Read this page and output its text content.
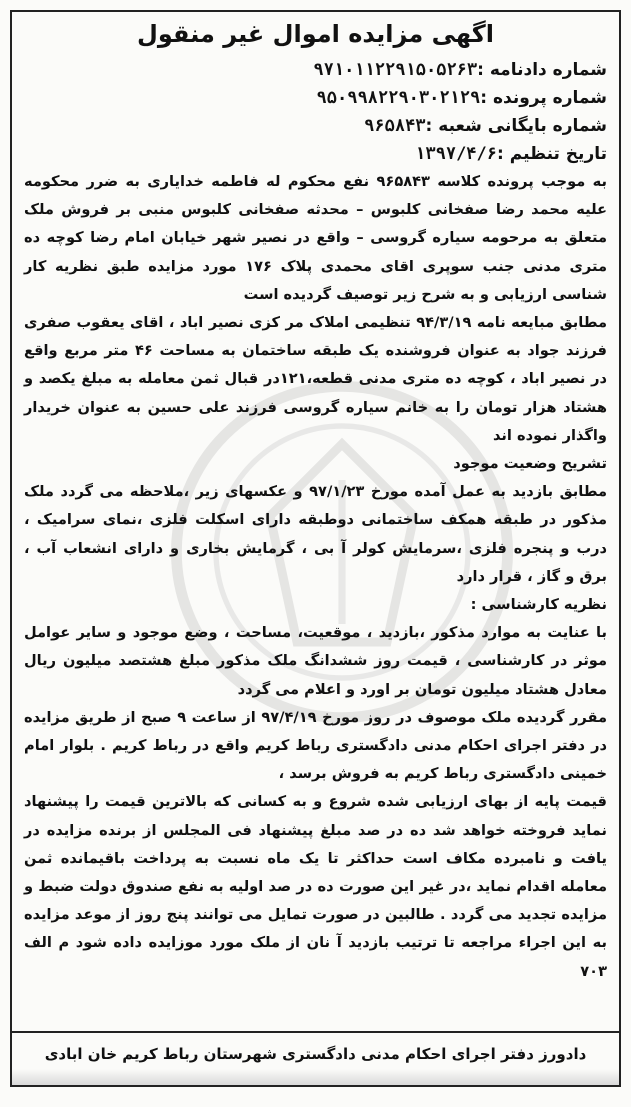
اگهی مزایده اموال غیر منقول
شماره دادنامه :۹۷۱۰۱۱۲۲۹۱۵۰۵۲۶۳
شماره پرونده :۹۵۰۹۹۸۲۲۹۰۳۰۲۱۲۹
شماره بایگانی شعبه :۹۶۵۸۴۳
تاریخ تنظیم :۱۳۹۷/۴/۶

به موجب پرونده کلاسه ۹۶۵۸۴۳ نفع محکوم له فاطمه خدایاری به ضرر محکومه علیه محمد رضا صفخانی کلبوس – محدثه صفخانی کلبوس منبی بر فروش ملک متعلق به مرحومه سیاره گروسی – واقع در نصیر شهر خیابان امام رضا کوچه ده متری مدنی جنب سوپری اقای محمدی پلاک ۱۷۶ مورد مزایده طبق نظریه کار شناسی ارزیابی و به شرح زیر توصیف گردیده است

مطابق مبایعه نامه ۹۴/۳/۱۹ تنظیمی املاک مر کزی نصیر اباد ، اقای یعقوب صفری فرزند جواد به عنوان فروشنده یک طبقه ساختمان به مساحت ۴۶ متر مربع واقع در نصیر اباد ، کوچه ده متری مدنی قطعه،۱۲۱در قبال ثمن معامله به مبلغ یکصد و هشتاد هزار تومان را به خانم سیاره گروسی فرزند علی حسین به عنوان خریدار واگذار نموده اند

تشریح وضعیت موجود

مطابق بازدید به عمل آمده مورخ ۹۷/۱/۲۳ و عکسهای زیر ،ملاحظه می گردد ملک مذکور در طبقه همکف ساختمانی دوطبقه دارای اسکلت فلزی ،نمای سرامیک ، درب و پنجره فلزی ،سرمایش کولر آ بی ، گرمایش بخاری و دارای انشعاب آب ، برق و گاز ، قرار دارد

نظریه کارشناسی :

با عنایت به موارد مذکور ،بازدید ، موقعیت، مساحت ، وضع موجود و سایر عوامل موثر در کارشناسی ، قیمت روز ششدانگ ملک مذکور مبلغ هشتصد میلیون ریال معادل هشتاد میلیون تومان بر اورد و اعلام می گردد

مقرر گردیده ملک موصوف در روز مورخ ۹۷/۴/۱۹ از ساعت ۹ صبح از طریق مزایده در دفتر اجرای احکام مدنی دادگستری رباط کریم واقع در رباط کریم . بلوار امام خمینی دادگستری رباط کریم به فروش برسد ،

قیمت پایه از بهای ارزیابی شده شروع و به کسانی که بالاترین قیمت را پیشنهاد نماید فروخته خواهد شد ده در صد مبلغ پیشنهاد فی المجلس از برنده مزایده در یافت و نامبرده مکاف است حداکثر تا یک ماه نسبت به پرداخت باقیمانده ثمن معامله اقدام نماید ،در غیر این صورت ده در صد اولیه به نفع صندوق دولت ضبط و مزایده تجدید می گردد . طالبین در صورت تمایل می توانند پنج روز از موعد مزایده به این اجراء مراجعه تا ترتیب بازدید آ نان از ملک مورد موزایده داده شود م الف ۷۰۳

دادورز دفتر اجرای احکام مدنی دادگستری شهرستان رباط کریم خان ابادی
